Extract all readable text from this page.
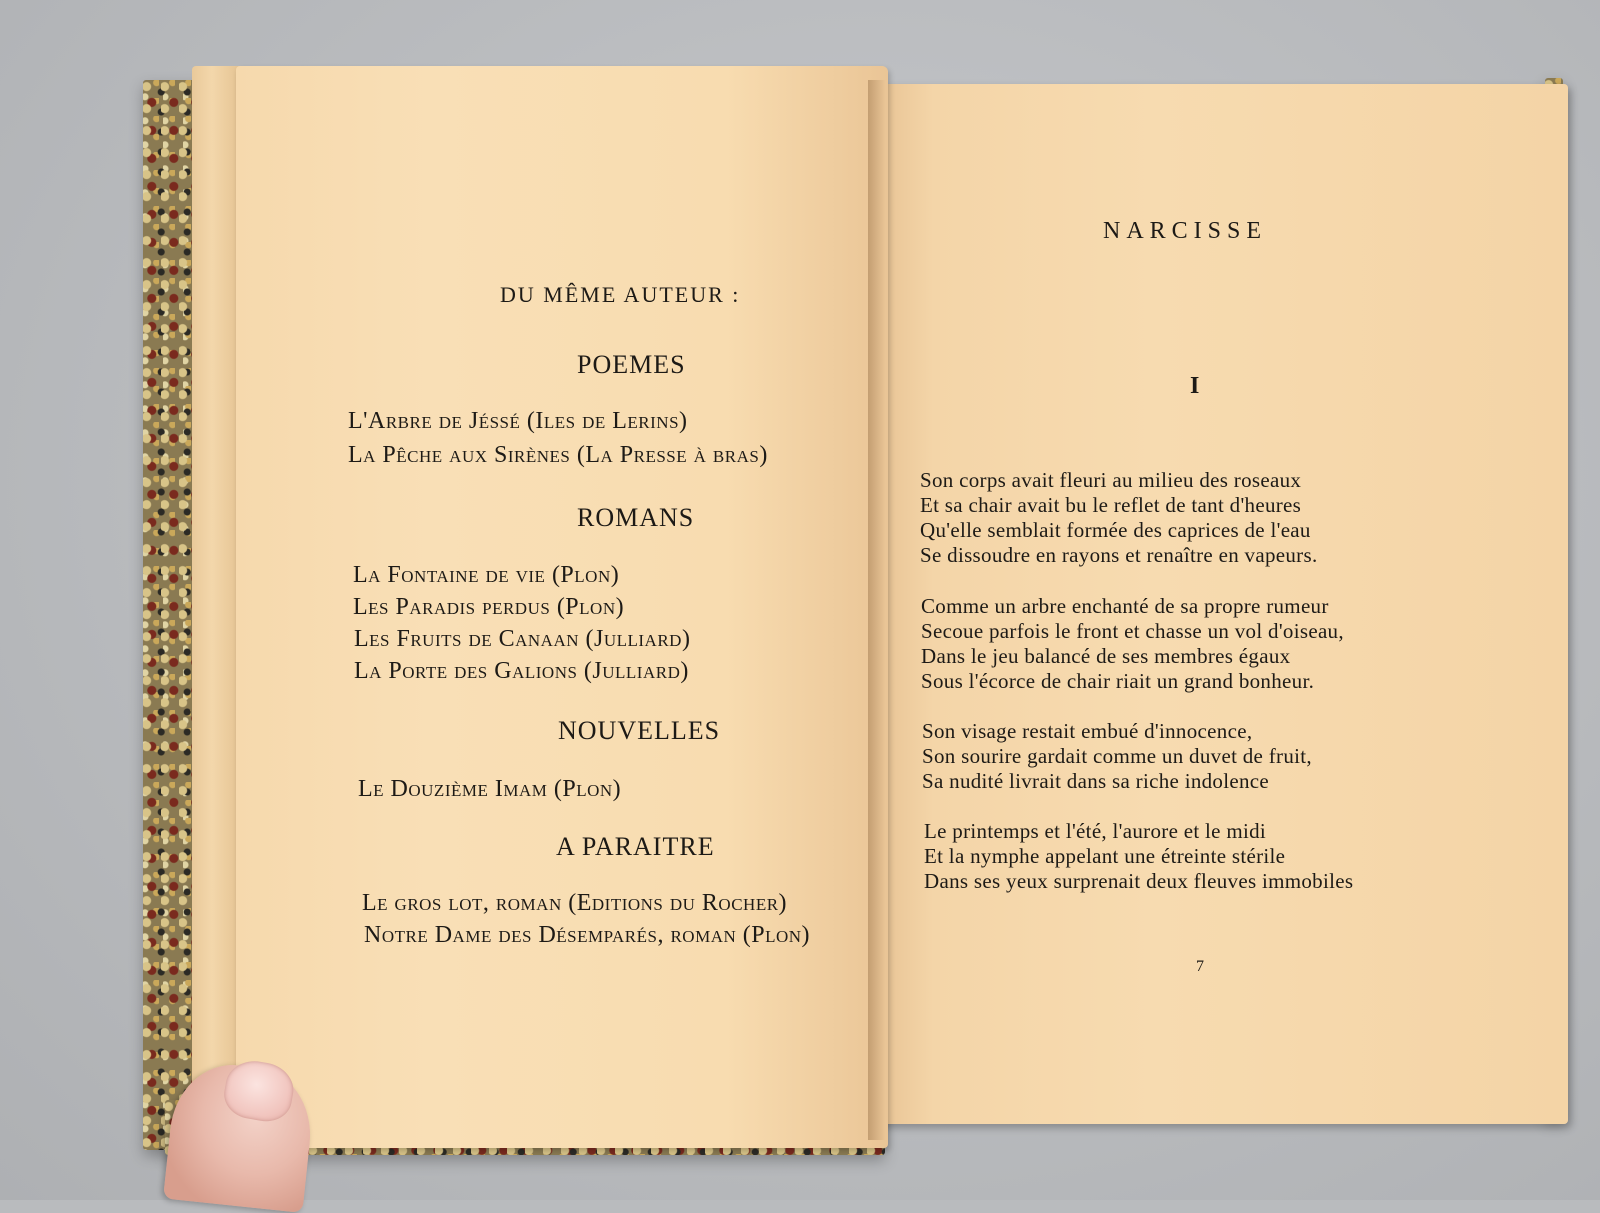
DU MÊME AUTEUR :
POEMES
L'Arbre de Jéssé (Iles de Lerins)
La Pêche aux Sirènes (La Presse à bras)
ROMANS
La Fontaine de vie (Plon)
Les Paradis perdus (Plon)
Les Fruits de Canaan (Julliard)
La Porte des Galions (Julliard)
NOUVELLES
Le Douzième Imam (Plon)
A PARAITRE
Le gros lot, roman (Editions du Rocher)
Notre Dame des Désemparés, roman (Plon)
NARCISSE
I
Son corps avait fleuri au milieu des roseaux
Et sa chair avait bu le reflet de tant d'heures
Qu'elle semblait formée des caprices de l'eau
Se dissoudre en rayons et renaître en vapeurs.
Comme un arbre enchanté de sa propre rumeur
Secoue parfois le front et chasse un vol d'oiseau,
Dans le jeu balancé de ses membres égaux
Sous l'écorce de chair riait un grand bonheur.
Son visage restait embué d'innocence,
Son sourire gardait comme un duvet de fruit,
Sa nudité livrait dans sa riche indolence
Le printemps et l'été, l'aurore et le midi
Et la nymphe appelant une étreinte stérile
Dans ses yeux surprenait deux fleuves immobiles
7
